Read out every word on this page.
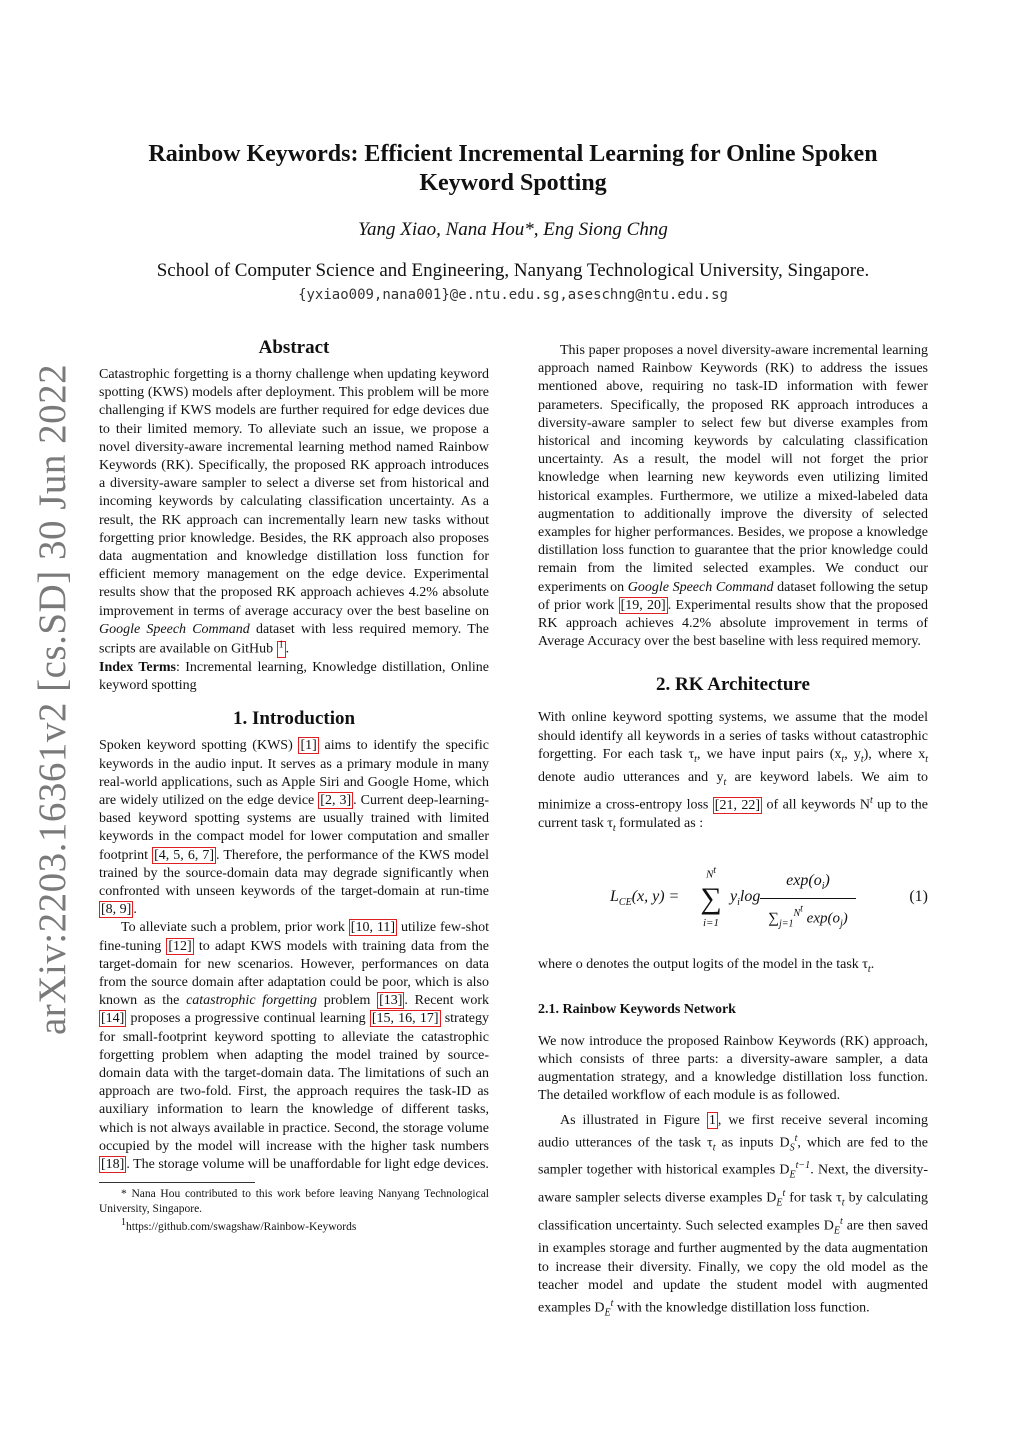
arXiv:2203.16361v2 [cs.SD] 30 Jun 2022
Rainbow Keywords: Efficient Incremental Learning for Online Spoken Keyword Spotting
Yang Xiao, Nana Hou*, Eng Siong Chng
School of Computer Science and Engineering, Nanyang Technological University, Singapore.
{yxiao009,nana001}@e.ntu.edu.sg,aseschng@ntu.edu.sg
Abstract

Catastrophic forgetting is a thorny challenge when updating keyword spotting (KWS) models after deployment. This problem will be more challenging if KWS models are further required for edge devices due to their limited memory. To alleviate such an issue, we propose a novel diversity-aware incremental learning method named Rainbow Keywords (RK). Specifically, the proposed RK approach introduces a diversity-aware sampler to select a diverse set from historical and incoming keywords by calculating classification uncertainty. As a result, the RK approach can incrementally learn new tasks without forgetting prior knowledge. Besides, the RK approach also proposes data augmentation and knowledge distillation loss function for efficient memory management on the edge device. Experimental results show that the proposed RK approach achieves 4.2% absolute improvement in terms of average accuracy over the best baseline on Google Speech Command dataset with less required memory. The scripts are available on GitHub $^1$ .

Index Terms: Incremental learning, Knowledge distillation, Online keyword spotting

1. Introduction

Spoken keyword spotting (KWS) [1] aims to identify the specific keywords in the audio input. It serves as a primary module in many real-world applications, such as Apple Siri and Google Home, which are widely utilized on the edge device [2, 3] . Current deep-learning-based keyword spotting systems are usually trained with limited keywords in the compact model for lower computation and smaller footprint [4, 5, 6, 7] . Therefore, the performance of the KWS model trained by the source-domain data may degrade significantly when confronted with unseen keywords of the target-domain at run-time [8, 9] .

To alleviate such a problem, prior work [10, 11] utilize few-shot fine-tuning [12] to adapt KWS models with training data from the target-domain for new scenarios. However, performances on data from the source domain after adaptation could be poor, which is also known as the catastrophic forgetting problem [13] . Recent work [14] proposes a progressive continual learning [15, 16, 17] strategy for small-footprint keyword spotting to alleviate the catastrophic forgetting problem when adapting the model trained by source-domain data with the target-domain data. The limitations of such an approach are two-fold. First, the approach requires the task-ID as auxiliary information to learn the knowledge of different tasks, which is not always available in practice. Second, the storage volume occupied by the model will increase with the higher task numbers [18] . The storage volume will be unaffordable for light edge devices.

* Nana Hou contributed to this work before leaving Nanyang Technological University, Singapore.

$^1$https://github.com/swagshaw/Rainbow-Keywords

This paper proposes a novel diversity-aware incremental learning approach named Rainbow Keywords (RK) to address the issues mentioned above, requiring no task-ID information with fewer parameters. Specifically, the proposed RK approach introduces a diversity-aware sampler to select few but diverse examples from historical and incoming keywords by calculating classification uncertainty. As a result, the model will not forget the prior knowledge when learning new keywords even utilizing limited historical examples. Furthermore, we utilize a mixed-labeled data augmentation to additionally improve the diversity of selected examples for higher performances. Besides, we propose a knowledge distillation loss function to guarantee that the prior knowledge could remain from the limited selected examples. We conduct our experiments on Google Speech Command dataset following the setup of prior work [19, 20] . Experimental results show that the proposed RK approach achieves 4.2% absolute improvement in terms of Average Accuracy over the best baseline with less required memory.

2. RK Architecture

With online keyword spotting systems, we assume that the model should identify all keywords in a series of tasks without catastrophic forgetting. For each task $\tau_t$, we have input pairs ($x_t$, $y_t$), where $x_t$ denote audio utterances and $y_t$ are keyword labels. We aim to minimize a cross-entropy loss [21, 22] of all keywords $N^t$ up to the current task $\tau_t$ formulated as :

$L_{CE}(x$, y) =
$N^t$
∑
i=1
$y_i\log \frac{\exp(o_i)}{\sum_{j=1}^{N^t} \exp(o_j)}$	(1)

where o denotes the output logits of the model in the task $\tau_t$.

2.1. Rainbow Keywords Network

We now introduce the proposed Rainbow Keywords (RK) approach, which consists of three parts: a diversity-aware sampler, a data augmentation strategy, and a knowledge distillation loss function. The detailed workflow of each module is as followed.

As illustrated in Figure 1 , we first receive several incoming audio utterances of the task $\tau_t$ as inputs $D_S^t$, which are fed to the sampler together with historical examples $D_E^{t-1}$. Next, the diversity-aware sampler selects diverse examples $D_E^t$ for task $\tau_t$ by calculating classification uncertainty. Such selected examples $D_E^t$ are then saved in examples storage and further augmented by the data augmentation to increase their diversity. Finally, we copy the old model as the teacher model and update the student model with augmented examples $D_E^t$ with the knowledge distillation loss function.
